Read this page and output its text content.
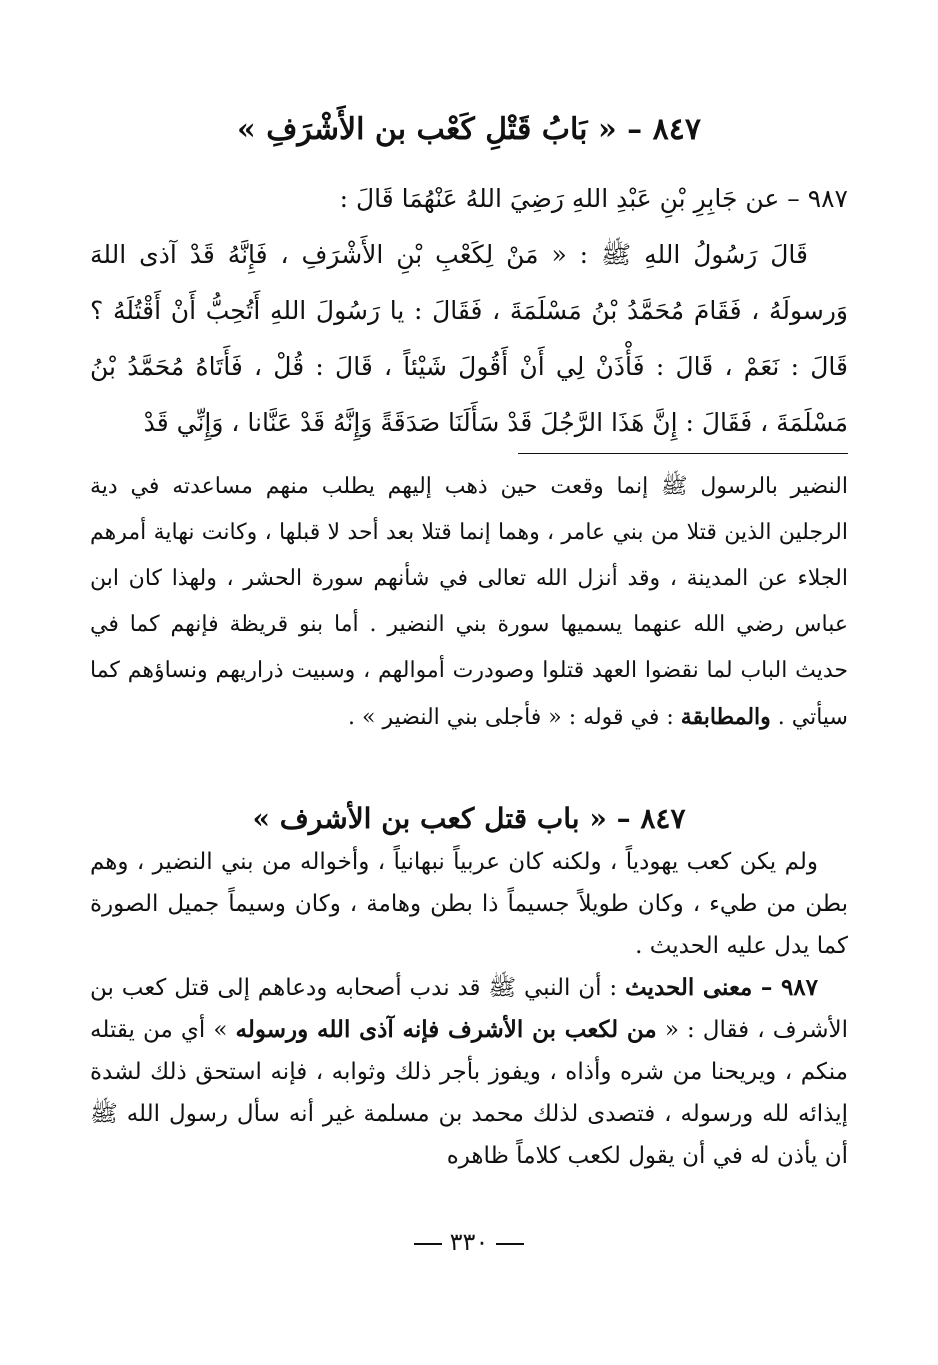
٨٤٧ – « بَابُ قَتْلِ كَعْب بن الأَشْرَفِ »

٩٨٧ – عن جَابِرِ بْنِ عَبْدِ اللهِ رَضِيَ اللهُ عَنْهُمَا قَالَ :

قَالَ رَسُولُ اللهِ ﷺ : « مَنْ لِكَعْبِ بْنِ الأَشْرَفِ ، فَإِنَّهُ قَدْ آذى اللهَ وَرسولَهُ ، فَقَامَ مُحَمَّدُ بْنُ مَسْلَمَةَ ، فَقَالَ : يا رَسُولَ اللهِ أَتُحِبُّ أَنْ أَقْتُلَهُ ؟ قَالَ : نَعَمْ ، قَالَ : فَأْذَنْ لِي أَنْ أَقُولَ شَيْئاً ، قَالَ : قُلْ ، فَأَتَاهُ مُحَمَّدُ بْنُ مَسْلَمَةَ ، فَقَالَ : إِنَّ هَذَا الرَّجُلَ قَدْ سَأَلَنَا صَدَقَةً وَإِنَّهُ قَدْ عَنَّانا ، وَإِنِّي قَدْ

النضير بالرسول ﷺ إنما وقعت حين ذهب إليهم يطلب منهم مساعدته في دية الرجلين الذين قتلا من بني عامر ، وهما إنما قتلا بعد أحد لا قبلها ، وكانت نهاية أمرهم الجلاء عن المدينة ، وقد أنزل الله تعالى في شأنهم سورة الحشر ، ولهذا كان ابن عباس رضي الله عنهما يسميها سورة بني النضير . أما بنو قريظة فإنهم كما في حديث الباب لما نقضوا العهد قتلوا وصودرت أموالهم ، وسبيت ذراريهم ونساؤهم كما سيأتي . والمطابقة : في قوله : « فأجلى بني النضير » .

٨٤٧ – « باب قتل كعب بن الأشرف »

ولم يكن كعب يهودياً ، ولكنه كان عربياً نبهانياً ، وأخواله من بني النضير ، وهم بطن من طيء ، وكان طويلاً جسيماً ذا بطن وهامة ، وكان وسيماً جميل الصورة كما يدل عليه الحديث .

٩٨٧ – معنى الحديث : أن النبي ﷺ قد ندب أصحابه ودعاهم إلى قتل كعب بن الأشرف ، فقال : « من لكعب بن الأشرف فإنه آذى الله ورسوله » أي من يقتله منكم ، ويريحنا من شره وأذاه ، ويفوز بأجر ذلك وثوابه ، فإنه استحق ذلك لشدة إيذائه لله ورسوله ، فتصدى لذلك محمد بن مسلمة غير أنه سأل رسول الله ﷺ أن يأذن له في أن يقول لكعب كلاماً ظاهره

٣٣٠
